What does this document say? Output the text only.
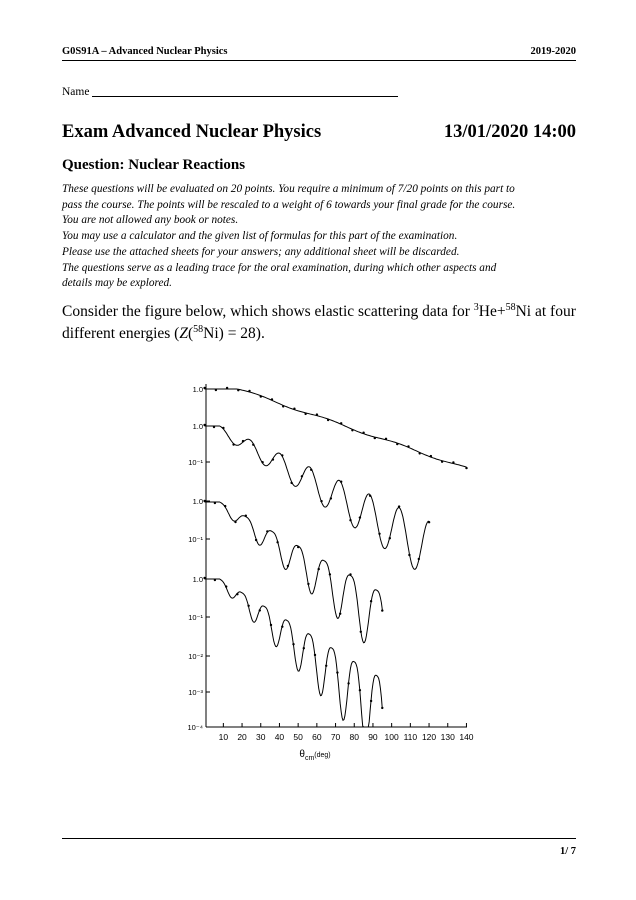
G0S91A – Advanced Nuclear Physics	2019-2020
Name
Exam Advanced Nuclear Physics	13/01/2020 14:00
Question: Nuclear Reactions
These questions will be evaluated on 20 points. You require a minimum of 7/20 points on this part to
pass the course. The points will be rescaled to a weight of 6 towards your final grade for the course.
You are not allowed any book or notes.
You may use a calculator and the given list of formulas for this part of the examination.
Please use the attached sheets for your answers; any additional sheet will be discarded.
The questions serve as a leading trace for the oral examination, during which other aspects and
details may be explored.
Consider the figure below, which shows elastic scattering data for $^3$He+$^{58}$Ni at four different energies (Z($^{58}$Ni) = 28).
1.0
1.0
10⁻¹
1.0
10⁻¹
1.0
10⁻¹
10⁻²
10⁻³
10⁻⁴
10 20 30 40 50 60 70 80 90 100 110 120 130 140
$\theta_{cm}^{(deg)}$
1/ 7
